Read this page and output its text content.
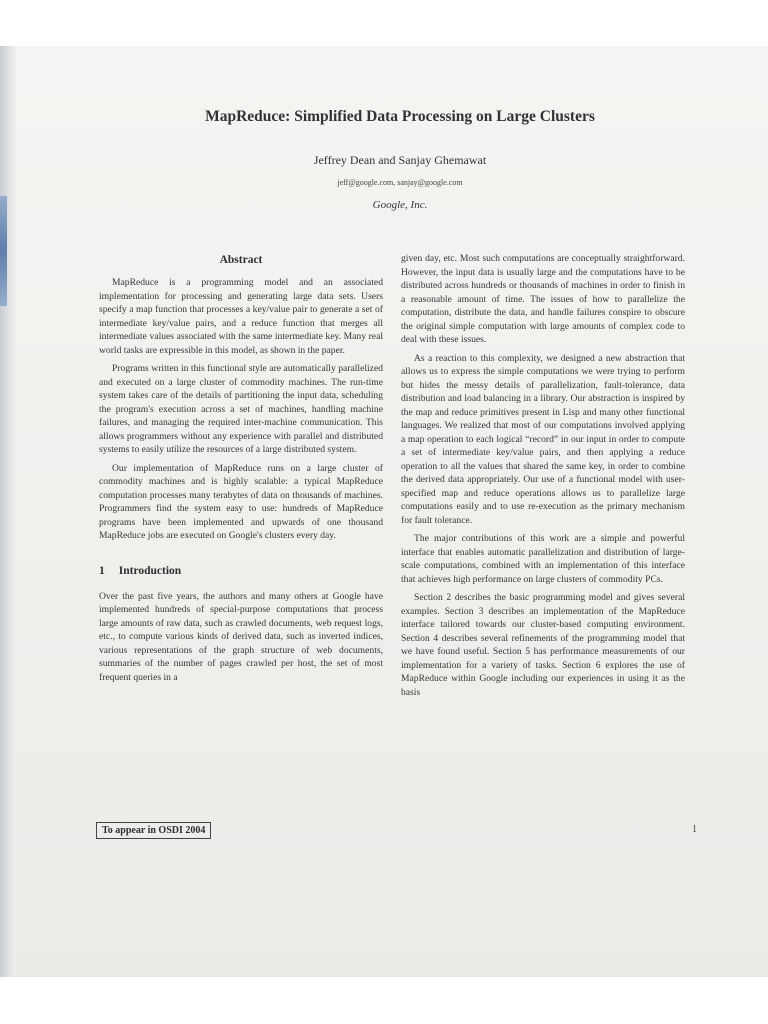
MapReduce: Simplified Data Processing on Large Clusters
Jeffrey Dean and Sanjay Ghemawat
jeff@google.com, sanjay@google.com
Google, Inc.
Abstract

MapReduce is a programming model and an associated implementation for processing and generating large data sets. Users specify a map function that processes a key/value pair to generate a set of intermediate key/value pairs, and a reduce function that merges all intermediate values associated with the same intermediate key. Many real world tasks are expressible in this model, as shown in the paper.

Programs written in this functional style are automatically parallelized and executed on a large cluster of commodity machines. The run-time system takes care of the details of partitioning the input data, scheduling the program's execution across a set of machines, handling machine failures, and managing the required inter-machine communication. This allows programmers without any experience with parallel and distributed systems to easily utilize the resources of a large distributed system.

Our implementation of MapReduce runs on a large cluster of commodity machines and is highly scalable: a typical MapReduce computation processes many terabytes of data on thousands of machines. Programmers find the system easy to use: hundreds of MapReduce programs have been implemented and upwards of one thousand MapReduce jobs are executed on Google's clusters every day.

1 Introduction

Over the past five years, the authors and many others at Google have implemented hundreds of special-purpose computations that process large amounts of raw data, such as crawled documents, web request logs, etc., to compute various kinds of derived data, such as inverted indices, various representations of the graph structure of web documents, summaries of the number of pages crawled per host, the set of most frequent queries in a

given day, etc. Most such computations are conceptually straightforward. However, the input data is usually large and the computations have to be distributed across hundreds or thousands of machines in order to finish in a reasonable amount of time. The issues of how to parallelize the computation, distribute the data, and handle failures conspire to obscure the original simple computation with large amounts of complex code to deal with these issues.

As a reaction to this complexity, we designed a new abstraction that allows us to express the simple computations we were trying to perform but hides the messy details of parallelization, fault-tolerance, data distribution and load balancing in a library. Our abstraction is inspired by the map and reduce primitives present in Lisp and many other functional languages. We realized that most of our computations involved applying a map operation to each logical “record” in our input in order to compute a set of intermediate key/value pairs, and then applying a reduce operation to all the values that shared the same key, in order to combine the derived data appropriately. Our use of a functional model with user-specified map and reduce operations allows us to parallelize large computations easily and to use re-execution as the primary mechanism for fault tolerance.

The major contributions of this work are a simple and powerful interface that enables automatic parallelization and distribution of large-scale computations, combined with an implementation of this interface that achieves high performance on large clusters of commodity PCs.

Section 2 describes the basic programming model and gives several examples. Section 3 describes an implementation of the MapReduce interface tailored towards our cluster-based computing environment. Section 4 describes several refinements of the programming model that we have found useful. Section 5 has performance measurements of our implementation for a variety of tasks. Section 6 explores the use of MapReduce within Google including our experiences in using it as the basis

To appear in OSDI 2004	1
